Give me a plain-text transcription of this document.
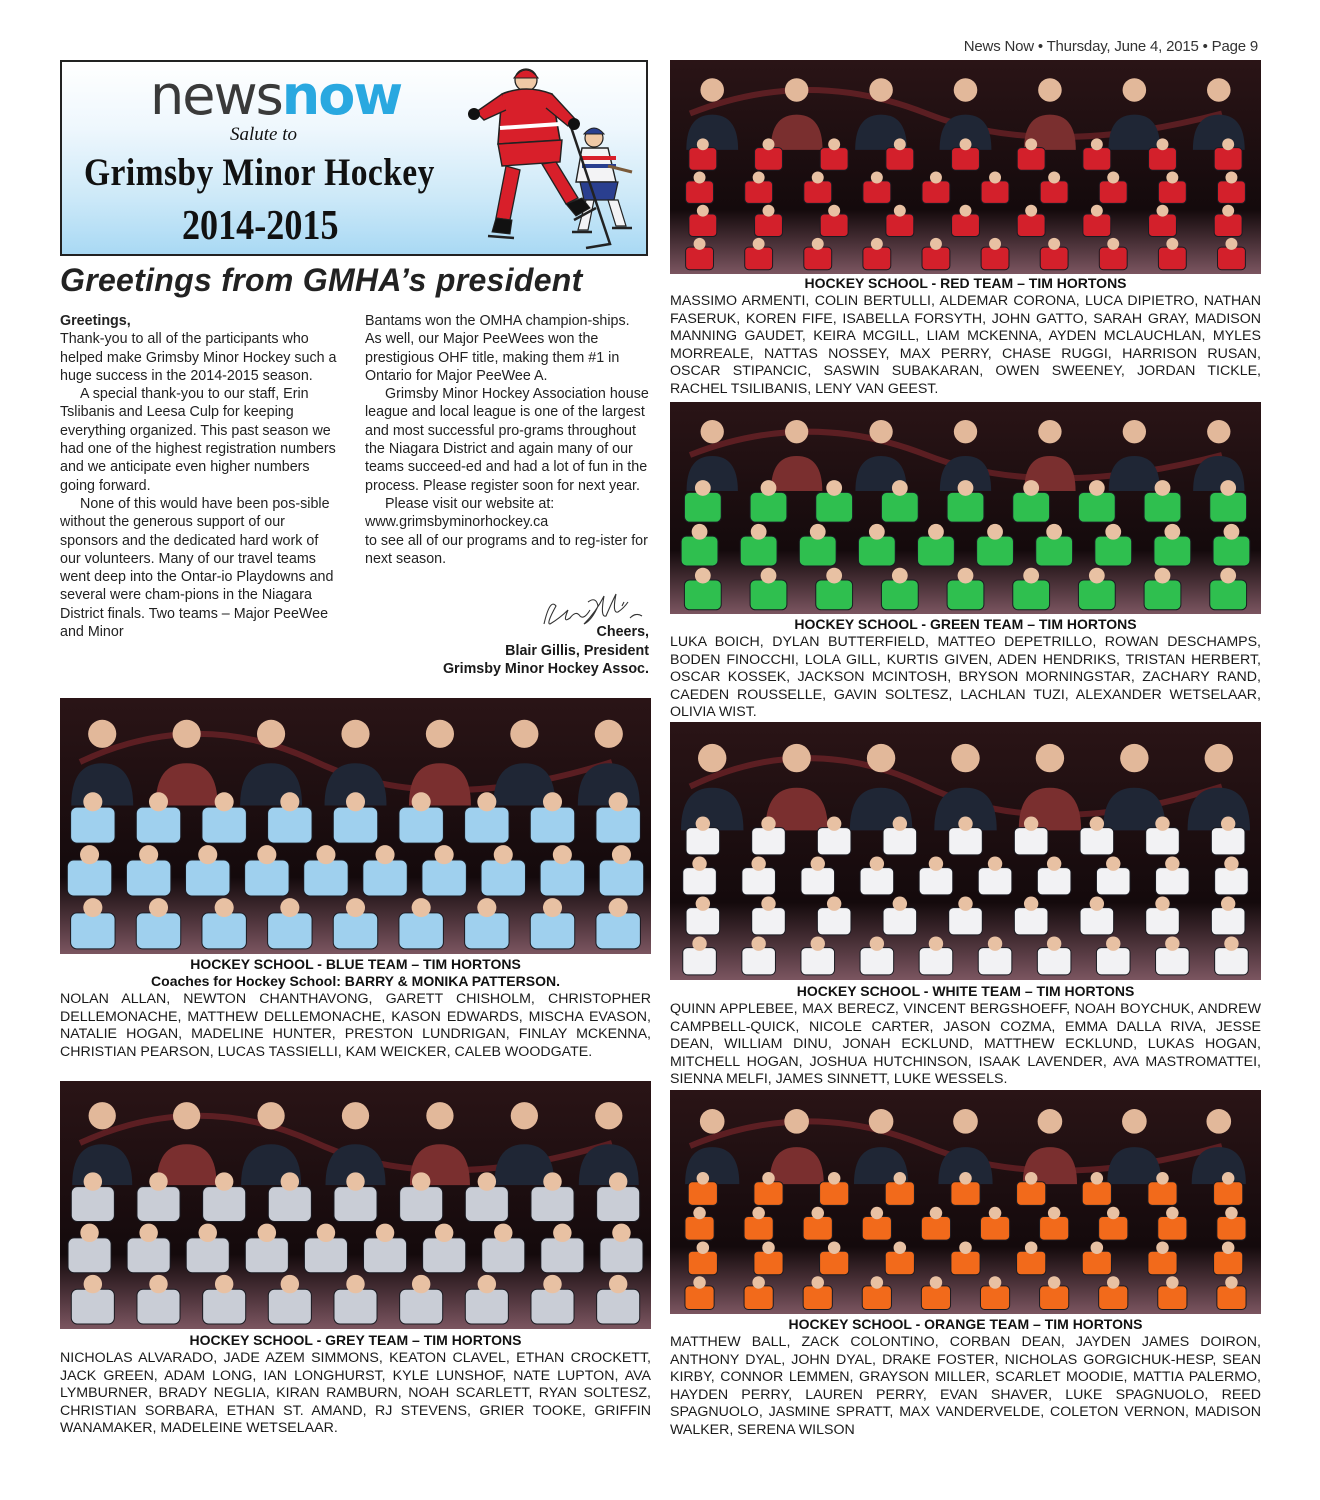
News Now • Thursday, June 4, 2015 • Page 9
newsnow
Salute to
Grimsby Minor Hockey
2014-2015
Greetings from GMHA’s president

Greetings,

Thank-you to all of the participants who helped make Grimsby Minor Hockey such a huge success in the 2014-2015 season.

A special thank-you to our staff, Erin Tslibanis and Leesa Culp for keeping everything organized. This past season we had one of the highest registration numbers and we anticipate even higher numbers going forward.

None of this would have been pos-sible without the generous support of our sponsors and the dedicated hard work of our volunteers. Many of our travel teams went deep into the Ontar-io Playdowns and several were cham-pions in the Niagara District finals. Two teams – Major PeeWee and Minor

Bantams won the OMHA champion-ships. As well, our Major PeeWees won the prestigious OHF title, making them #1 in Ontario for Major PeeWee A.

Grimsby Minor Hockey Association house league and local league is one of the largest and most successful pro-grams throughout the Niagara District and again many of our teams succeed-ed and had a lot of fun in the process. Please register soon for next year.

Please visit our website at:

www.grimsbyminorhockey.ca

to see all of our programs and to reg-ister for next season.

Cheers,
Blair Gillis, President
Grimsby Minor Hockey Assoc.
HOCKEY SCHOOL - RED TEAM – TIM HORTONS
MASSIMO ARMENTI, COLIN BERTULLI, ALDEMAR CORONA, LUCA DIPIETRO, NATHAN FASERUK, KOREN FIFE, ISABELLA FORSYTH, JOHN GATTO, SARAH GRAY, MADISON MANNING GAUDET, KEIRA MCGILL, LIAM MCKENNA, AYDEN MCLAUCHLAN, MYLES MORREALE, NATTAS NOSSEY, MAX PERRY, CHASE RUGGI, HARRISON RUSAN, OSCAR STIPANCIC, SASWIN SUBAKARAN, OWEN SWEENEY, JORDAN TICKLE, RACHEL TSILIBANIS, LENY VAN GEEST.
HOCKEY SCHOOL - GREEN TEAM – TIM HORTONS
LUKA BOICH, DYLAN BUTTERFIELD, MATTEO DEPETRILLO, ROWAN DESCHAMPS, BODEN FINOCCHI, LOLA GILL, KURTIS GIVEN, ADEN HENDRIKS, TRISTAN HERBERT, OSCAR KOSSEK, JACKSON MCINTOSH, BRYSON MORNINGSTAR, ZACHARY RAND, CAEDEN ROUSSELLE, GAVIN SOLTESZ, LACHLAN TUZI, ALEXANDER WETSELAAR, OLIVIA WIST.
HOCKEY SCHOOL - BLUE TEAM – TIM HORTONS
Coaches for Hockey School: BARRY & MONIKA PATTERSON.
NOLAN ALLAN, NEWTON CHANTHAVONG, GARETT CHISHOLM, CHRISTOPHER DELLEMONACHE, MATTHEW DELLEMONACHE, KASON EDWARDS, MISCHA EVASON, NATALIE HOGAN, MADELINE HUNTER, PRESTON LUNDRIGAN, FINLAY MCKENNA, CHRISTIAN PEARSON, LUCAS TASSIELLI, KAM WEICKER, CALEB WOODGATE.
HOCKEY SCHOOL - WHITE TEAM – TIM HORTONS
QUINN APPLEBEE, MAX BERECZ, VINCENT BERGSHOEFF, NOAH BOYCHUK, ANDREW CAMPBELL-QUICK, NICOLE CARTER, JASON COZMA, EMMA DALLA RIVA, JESSE DEAN, WILLIAM DINU, JONAH ECKLUND, MATTHEW ECKLUND, LUKAS HOGAN, MITCHELL HOGAN, JOSHUA HUTCHINSON, ISAAK LAVENDER, AVA MASTROMATTEI, SIENNA MELFI, JAMES SINNETT, LUKE WESSELS.
HOCKEY SCHOOL - GREY TEAM – TIM HORTONS
NICHOLAS ALVARADO, JADE AZEM SIMMONS, KEATON CLAVEL, ETHAN CROCKETT, JACK GREEN, ADAM LONG, IAN LONGHURST, KYLE LUNSHOF, NATE LUPTON, AVA LYMBURNER, BRADY NEGLIA, KIRAN RAMBURN, NOAH SCARLETT, RYAN SOLTESZ, CHRISTIAN SORBARA, ETHAN ST. AMAND, RJ STEVENS, GRIER TOOKE, GRIFFIN WANAMAKER, MADELEINE WETSELAAR.
HOCKEY SCHOOL - ORANGE TEAM – TIM HORTONS
MATTHEW BALL, ZACK COLONTINO, CORBAN DEAN, JAYDEN JAMES DOIRON, ANTHONY DYAL, JOHN DYAL, DRAKE FOSTER, NICHOLAS GORGICHUK-HESP, SEAN KIRBY, CONNOR LEMMEN, GRAYSON MILLER, SCARLET MOODIE, MATTIA PALERMO, HAYDEN PERRY, LAUREN PERRY, EVAN SHAVER, LUKE SPAGNUOLO, REED SPAGNUOLO, JASMINE SPRATT, MAX VANDERVELDE, COLETON VERNON, MADISON WALKER, SERENA WILSON
